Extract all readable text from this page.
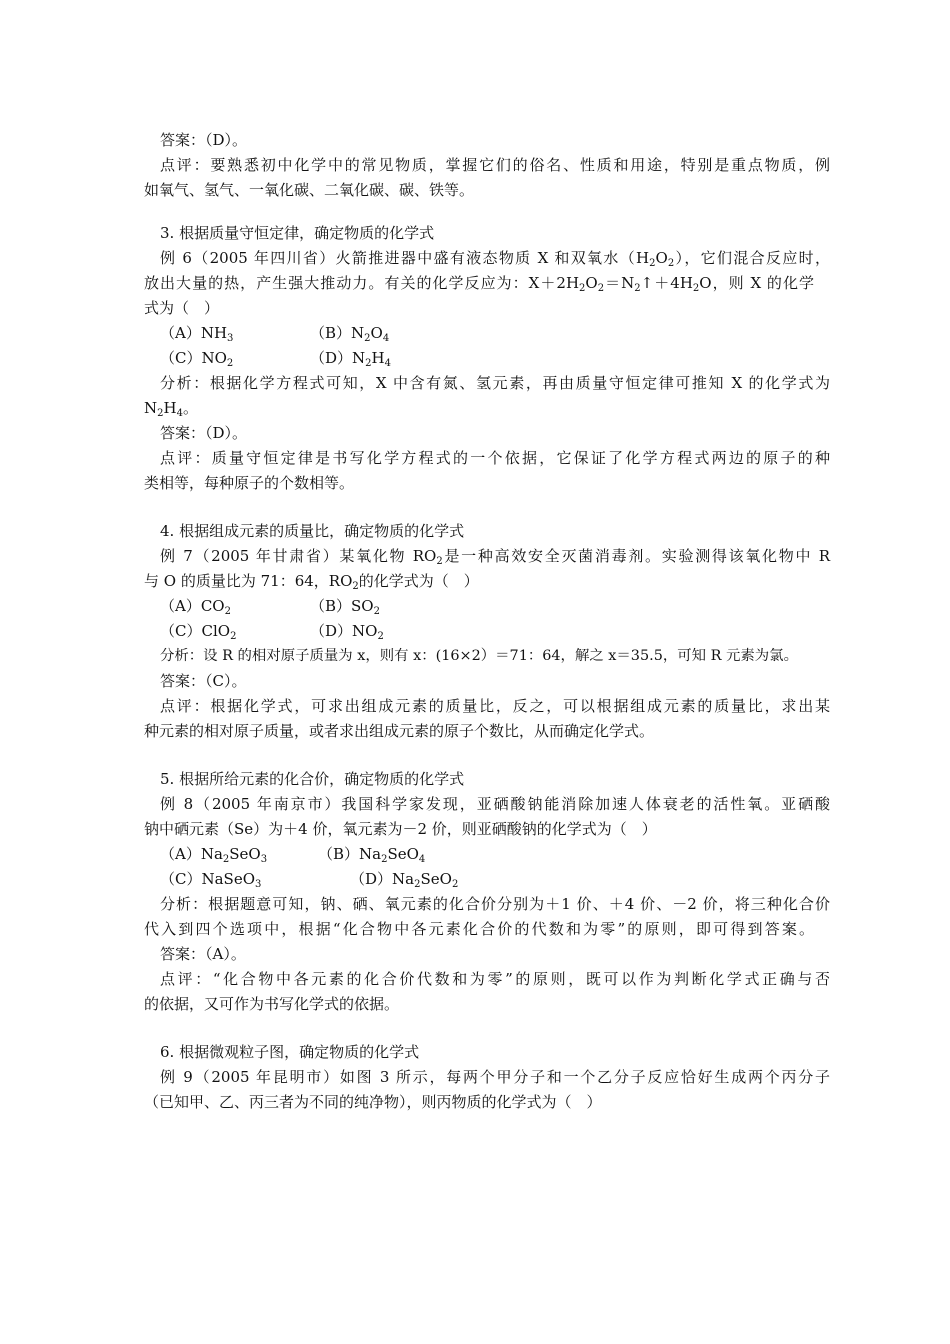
答案：（D）。
点评：要熟悉初中化学中的常见物质，掌握它们的俗名、性质和用途，特别是重点物质，例
如氧气、氢气、一氧化碳、二氧化碳、碳、铁等。
3. 根据质量守恒定律，确定物质的化学式
例 6（2005 年四川省）火箭推进器中盛有液态物质 X 和双氧水$(H_2O_2)$，它们混合反应时，
放出大量的热，产生强大推动力。有关的化学反应为：$X+2H_2O_2=N_2↑+4H_2O$，则 X 的化学
式为（　）
$(A)NH_3$	$(B)N_2O_4$
$(C)NO_2$	$(D)N_2H_4$
分析：根据化学方程式可知，X 中含有氮、氢元素，再由质量守恒定律可推知 X 的化学式为
$N_2H_4$。
答案：（D）。
点评：质量守恒定律是书写化学方程式的一个依据，它保证了化学方程式两边的原子的种
类相等，每种原子的个数相等。
4. 根据组成元素的质量比，确定物质的化学式
例 7（2005 年甘肃省）某氧化物 $RO_2$是一种高效安全灭菌消毒剂。实验测得该氧化物中 R
与 O 的质量比为 71：64，$RO_2$的化学式为（　）
$(A)CO_2$	$(B)SO_2$
（C）ClO$_2$	$(D)NO_2$
分析：设 R 的相对原子质量为 x，则有 x：(16×2）＝71：64，解之 x＝35.5，可知 R 元素为氯。
答案：（C）。
点评：根据化学式，可求出组成元素的质量比，反之，可以根据组成元素的质量比，求出某
种元素的相对原子质量，或者求出组成元素的原子个数比，从而确定化学式。
5. 根据所给元素的化合价，确定物质的化学式
例 8（2005 年南京市）我国科学家发现，亚硒酸钠能消除加速人体衰老的活性氧。亚硒酸
钠中硒元素（Se）为＋4 价，氧元素为－2 价，则亚硒酸钠的化学式为（　）
$(A)Na_2SeO_3$	$(B)Na_2SeO_4$
（C）NaSeO$_3$	$(D)Na_2SeO_2$
分析：根据题意可知，钠、硒、氧元素的化合价分别为＋1 价、＋4 价、－2 价，将三种化合价
代入到四个选项中，根据“化合物中各元素化合价的代数和为零”的原则，即可得到答案。
答案：（A）。
点评：“化合物中各元素的化合价代数和为零”的原则，既可以作为判断化学式正确与否
的依据，又可作为书写化学式的依据。
6. 根据微观粒子图，确定物质的化学式
例 9（2005 年昆明市）如图 3 所示，每两个甲分子和一个乙分子反应恰好生成两个丙分子
（已知甲、乙、丙三者为不同的纯净物），则丙物质的化学式为（　）
